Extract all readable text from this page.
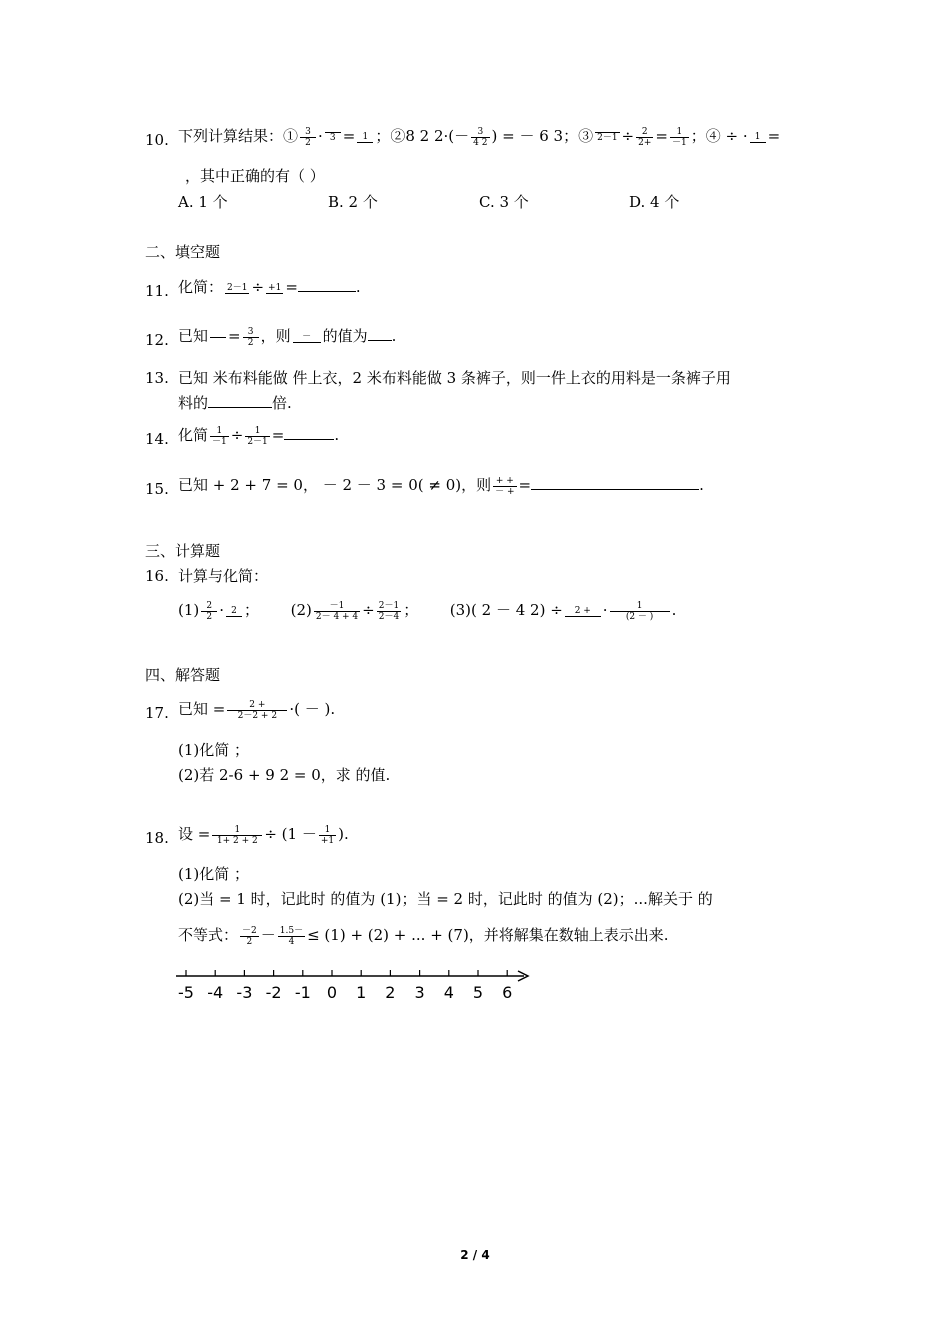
10. 下列计算结果：① $\frac{3}{2} \cdot 3 = 1$ ；②8 2 $2\cdot(- \frac{3}{4 2}$ ) = － 6 3；③ $2-1 \div \frac{2}{2+} = \frac{1}{-1}$ ；④ ÷ · 1 =
，其中正确的有（ ）
A. 1 个	B. 2 个	C. 3 个	D. 4 个
二、填空题
11. 化简： 2－1 ÷ +1 =	.
12. 已知 = $\frac{3}{2}$ ，则	－ 的值为 .
13. 已知 米布料能做 件上衣，2 米布料能做 3 条裤子，则一件上衣的用料是一条裤子用
料的	倍.
14. 化简 $\frac{1}{-1} \div \frac{1}{2-1}$ =	.
15. 已知 + 2 + 7 = 0， － 2 － 3 = 0( ≠ 0)，则 $\frac{+ +}{- +}$ =	.
三、计算题
16. 计算与化简：
$(1) \frac{2}{2} \cdot 2$ ； $(2) \frac{-1}{2- 4 + 4} \div \frac{2-1}{2-4}$ ； (3)( 2 － 4 2) ÷	2 + · $\frac{1}{(2 - )}$ .
四、解答题
17. 已知 = $\frac{2 +}{2-2 + 2}$ ·( － ).
(1)化简 ；
(2)若 2-6 + 9 2 = 0，求 的值.
18. 设 = $\frac{1}{1+ 2 + 2} \div (1 - \frac{1}{+1}$ ).
(1)化简 ；
(2)当 = 1 时，记此时 的值为 (1)；当 = 2 时，记此时 的值为 (2)；...解关于 的
不等式： $\frac{-2}{2} - \frac{1.5-}{4} \le (1) + (2)$ + ... + (7)，并将解集在数轴上表示出来.
-5 -4 -3 -2 -1 0 1 2 3 4 5 6
2 / 4
